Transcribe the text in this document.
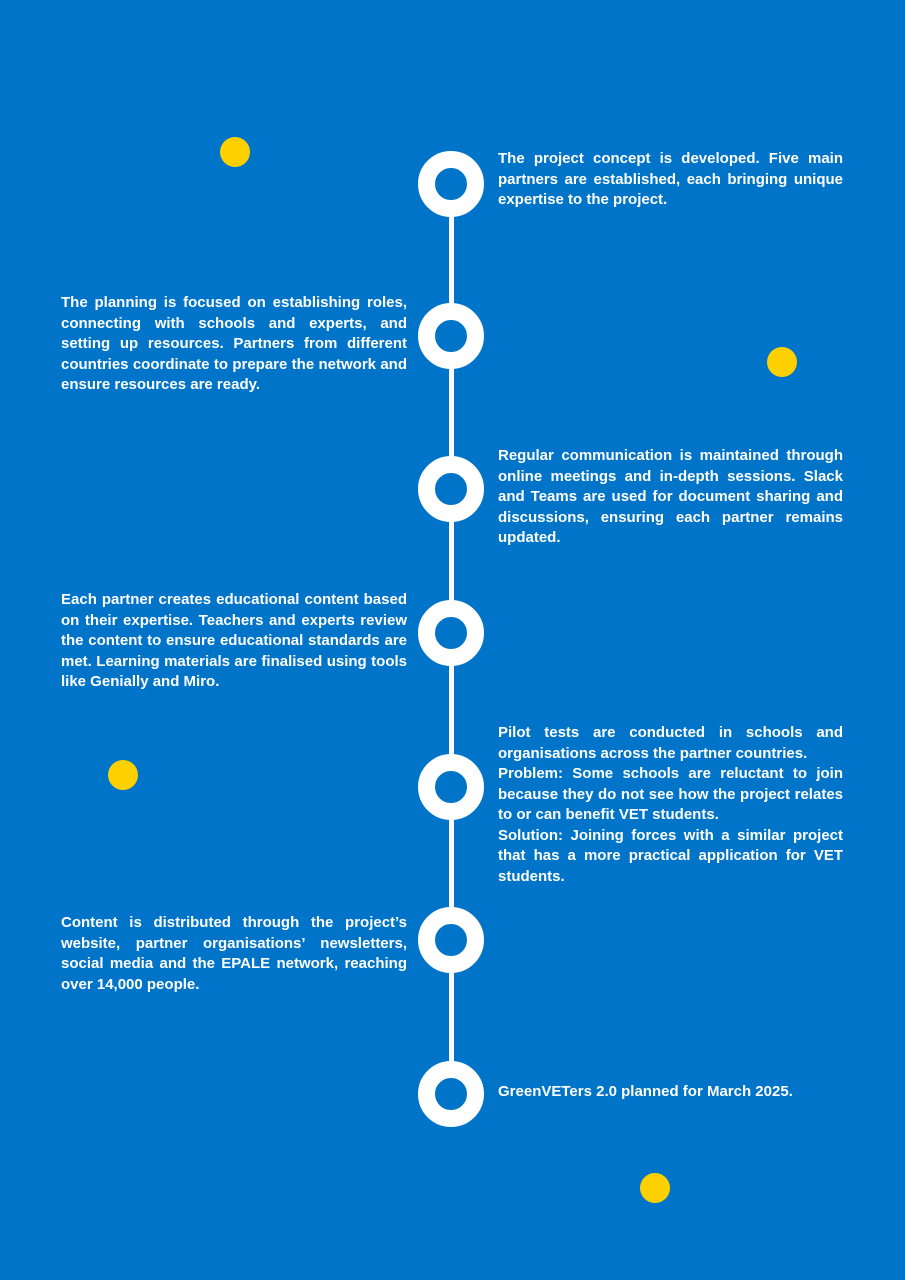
The project concept is developed. Five main partners are established, each bringing unique expertise to the project.
The planning is focused on establishing roles, connecting with schools and experts, and setting up resources. Partners from different countries coordinate to prepare the network and ensure resources are ready.
Regular communication is maintained through online meetings and in-depth sessions. Slack and Teams are used for document sharing and discussions, ensuring each partner remains updated.
Each partner creates educational content based on their expertise. Teachers and experts review the content to ensure educational standards are met. Learning materials are finalised using tools like Genially and Miro.
Pilot tests are conducted in schools and organisations across the partner countries.
Problem: Some schools are reluctant to join because they do not see how the project relates to or can benefit VET students.
Solution: Joining forces with a similar project that has a more practical application for VET students.
Content is distributed through the project’s website, partner organisations’ newsletters, social media and the EPALE network, reaching over 14,000 people.
GreenVETers 2.0 planned for March 2025.
